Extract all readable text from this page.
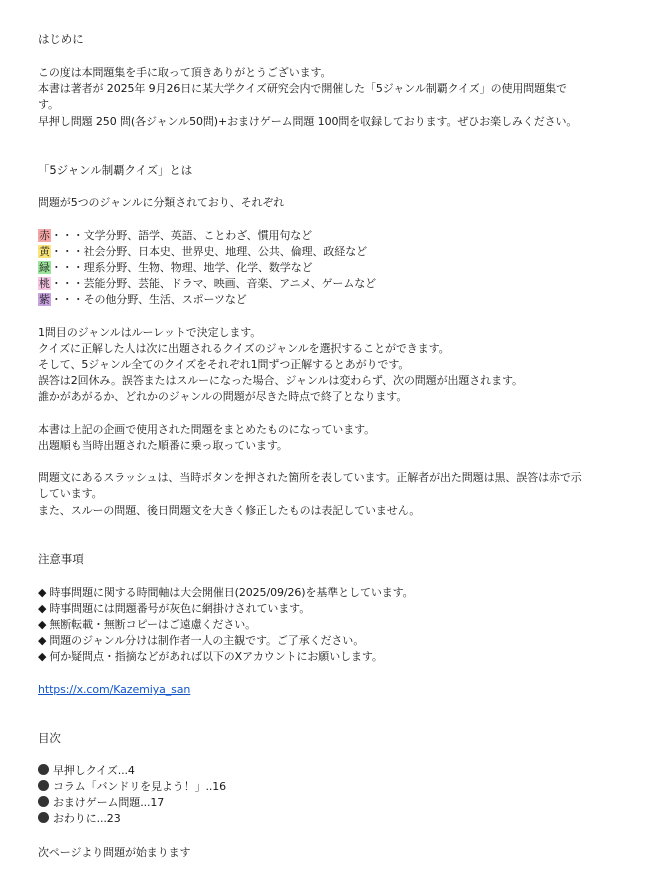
はじめに
この度は本問題集を手に取って頂きありがとうございます。
本書は著者が 2025年 9月26日に某大学クイズ研究会内で開催した「5ジャンル制覇クイズ」の使用問題集で
す。
早押し問題 250 問(各ジャンル50問)+おまけゲーム問題 100問を収録しております。ぜひお楽しみください。
「5ジャンル制覇クイズ」とは
問題が5つのジャンルに分類されており、それぞれ
赤・・・文学分野、語学、英語、ことわざ、慣用句など
黄・・・社会分野、日本史、世界史、地理、公共、倫理、政経など
緑・・・理系分野、生物、物理、地学、化学、数学など
桃・・・芸能分野、芸能、ドラマ、映画、音楽、アニメ、ゲームなど
紫・・・その他分野、生活、スポーツなど
1問目のジャンルはルーレットで決定します。
クイズに正解した人は次に出題されるクイズのジャンルを選択することができます。
そして、5ジャンル全てのクイズをそれぞれ1問ずつ正解するとあがりです。
誤答は2回休み。誤答またはスルーになった場合、ジャンルは変わらず、次の問題が出題されます。
誰かがあがるか、どれかのジャンルの問題が尽きた時点で終了となります。
本書は上記の企画で使用された問題をまとめたものになっています。
出題順も当時出題された順番に乗っ取っています。
問題文にあるスラッシュは、当時ボタンを押された箇所を表しています。正解者が出た問題は黒、誤答は赤で示
しています。
また、スルーの問題、後日問題文を大きく修正したものは表記していません。
注意事項
◆ 時事問題に関する時間軸は大会開催日(2025/09/26)を基準としています。
◆ 時事問題には問題番号が灰色に網掛けされています。
◆ 無断転載・無断コピーはご遠慮ください。
◆ 問題のジャンル分けは制作者一人の主観です。ご了承ください。
◆ 何か疑問点・指摘などがあれば以下のXアカウントにお願いします。
https://x.com/Kazemiya_san
目次
早押しクイズ...4
コラム「バンドリを見よう！」..16
おまけゲーム問題...17
おわりに...23
次ページより問題が始まります
